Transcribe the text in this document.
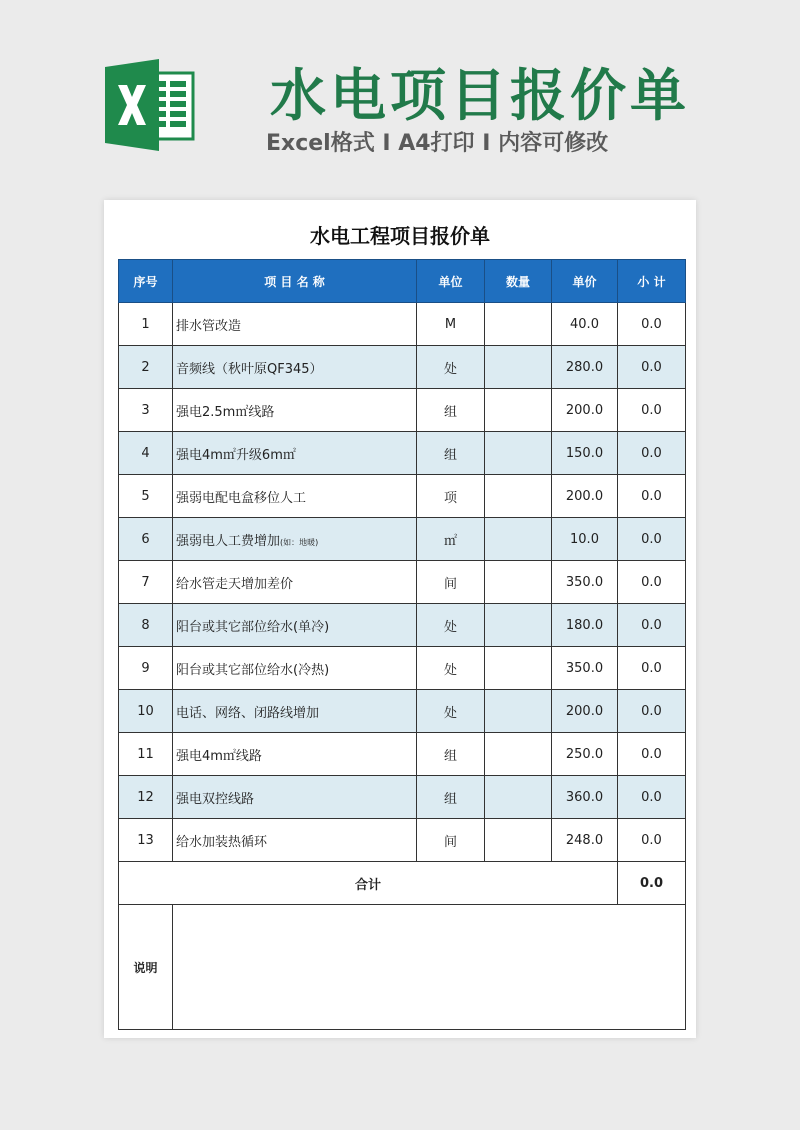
水电项目报价单
Excel格式 I A4打印 I 内容可修改
水电工程项目报价单
序号	项 目 名 称	单位	数量	单价	小 计
1	排水管改造	M		40.0	0.0
2	音频线（秋叶原QF345）	处		280.0	0.0
3	强电2.5m㎡线路	组		200.0	0.0
4	强电4m㎡升级6m㎡	组		150.0	0.0
5	强弱电配电盒移位人工	项		200.0	0.0
6	强弱电人工费增加(如：地暖)	㎡		10.0	0.0
7	给水管走天增加差价	间		350.0	0.0
8	阳台或其它部位给水(单冷)	处		180.0	0.0
9	阳台或其它部位给水(冷热)	处		350.0	0.0
10	电话、网络、闭路线增加	处		200.0	0.0
11	强电4m㎡线路	组		250.0	0.0
12	强电双控线路	组		360.0	0.0
13	给水加装热循环	间		248.0	0.0
合计					0.0
说明					
